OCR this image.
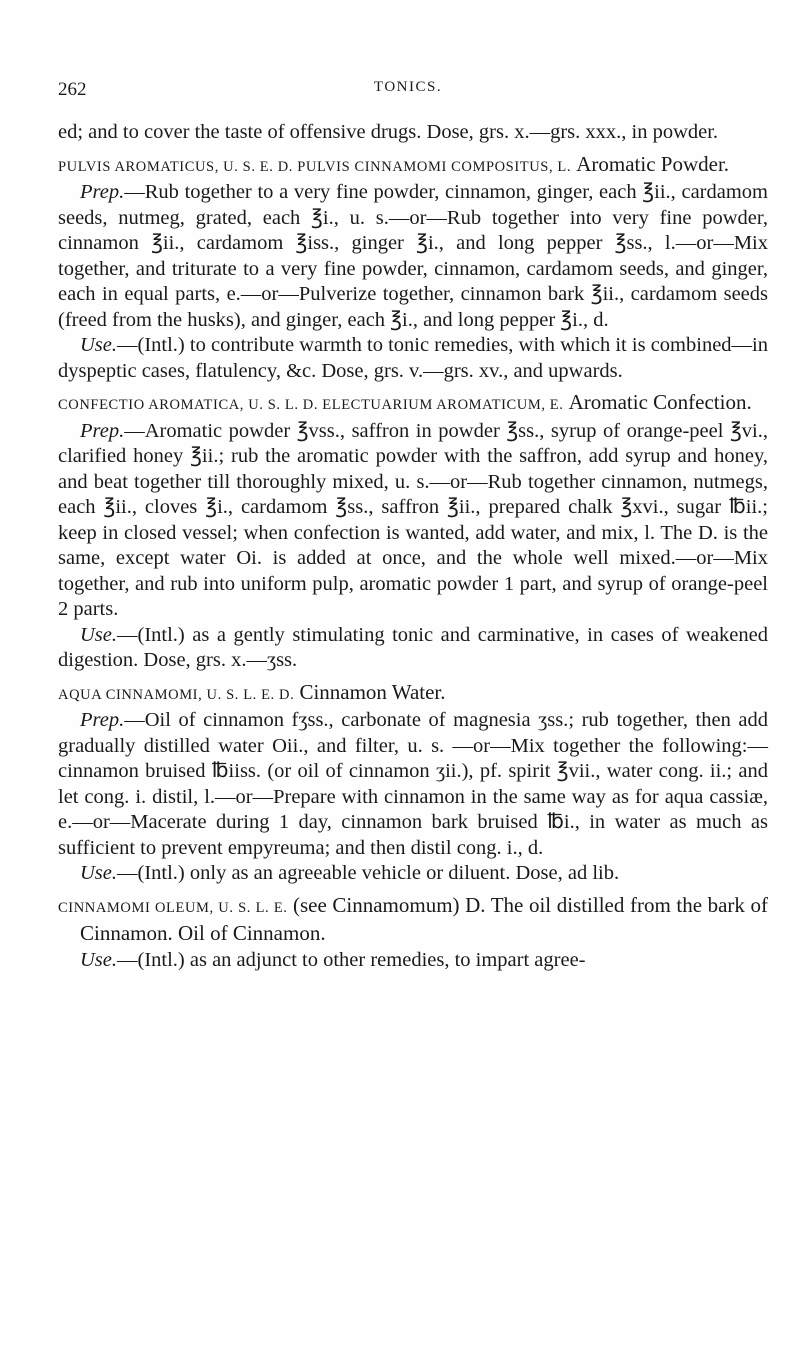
262	TONICS.

ed; and to cover the taste of offensive drugs. Dose, grs. x.—grs. xxx., in powder.

PULVIS AROMATICUS, U. S. E. D. PULVIS CINNAMOMI COMPOSITUS, L. Aromatic Powder.

Prep.—Rub together to a very fine powder, cinnamon, ginger, each ℥ii., cardamom seeds, nutmeg, grated, each ℥i., u. s.—or—Rub together into very fine powder, cinnamon ℥ii., cardamom ℥iss., ginger ℥i., and long pepper ℥ss., l.—or—Mix together, and triturate to a very fine powder, cinnamon, cardamom seeds, and ginger, each in equal parts, e.—or—Pulverize together, cinnamon bark ℥ii., cardamom seeds (freed from the husks), and ginger, each ℥i., and long pepper ℥i., d.

Use.—(Intl.) to contribute warmth to tonic remedies, with which it is combined—in dyspeptic cases, flatulency, &c. Dose, grs. v.—grs. xv., and upwards.

CONFECTIO AROMATICA, U. S. L. D. ELECTUARIUM AROMATICUM, E. Aromatic Confection.

Prep.—Aromatic powder ℥vss., saffron in powder ℥ss., syrup of orange-peel ℥vi., clarified honey ℥ii.; rub the aromatic powder with the saffron, add syrup and honey, and beat together till thoroughly mixed, u. s.—or—Rub together cinnamon, nutmegs, each ℥ii., cloves ℥i., cardamom ℥ss., saffron ℥ii., prepared chalk ℥xvi., sugar ℔ii.; keep in closed vessel; when confection is wanted, add water, and mix, l. The D. is the same, except water Oi. is added at once, and the whole well mixed.—or—Mix together, and rub into uniform pulp, aromatic powder 1 part, and syrup of orange-peel 2 parts.

Use.—(Intl.) as a gently stimulating tonic and carminative, in cases of weakened digestion. Dose, grs. x.—ʒss.

AQUA CINNAMOMI, U. S. L. E. D. Cinnamon Water.

Prep.—Oil of cinnamon fʒss., carbonate of magnesia ʒss.; rub together, then add gradually distilled water Oii., and filter, u. s. —or—Mix together the following:—cinnamon bruised ℔iiss. (or oil of cinnamon ʒii.), pf. spirit ℥vii., water cong. ii.; and let cong. i. distil, l.—or—Prepare with cinnamon in the same way as for aqua cassiæ, e.—or—Macerate during 1 day, cinnamon bark bruised ℔i., in water as much as sufficient to prevent empyreuma; and then distil cong. i., d.

Use.—(Intl.) only as an agreeable vehicle or diluent. Dose, ad lib.

CINNAMOMI OLEUM, U. S. L. E. (see Cinnamomum) D. The oil distilled from the bark of Cinnamon. Oil of Cinnamon.

Use.—(Intl.) as an adjunct to other remedies, to impart agree-
